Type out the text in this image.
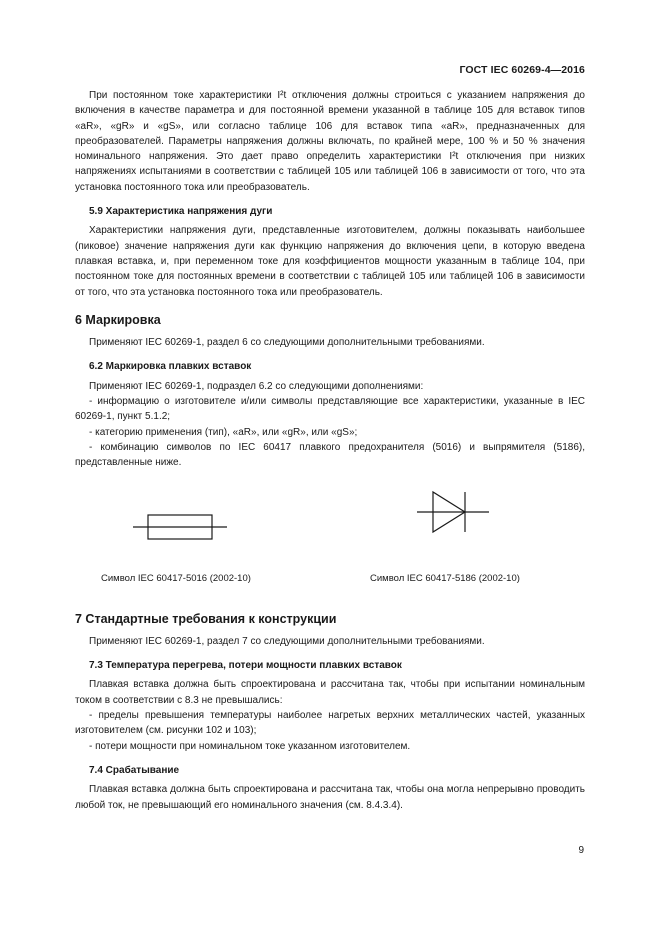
ГОСТ IEC 60269-4—2016

При постоянном токе характеристики I²t отключения должны строиться с указанием напряжения до включения в качестве параметра и для постоянной времени указанной в таблице 105 для вставок типов «aR», «gR» и «gS», или согласно таблице 106 для вставок типа «aR», предназначенных для преобразователей. Параметры напряжения должны включать, по крайней мере, 100 % и 50 % значения номинального напряжения. Это дает право определить характеристики I²t отключения при низких напряжениях испытаниями в соответствии с таблицей 105 или таблицей 106 в зависимости от того, что эта установка постоянного тока или преобразователь.

5.9 Характеристика напряжения дуги

Характеристики напряжения дуги, представленные изготовителем, должны показывать наибольшее (пиковое) значение напряжения дуги как функцию напряжения до включения цепи, в которую введена плавкая вставка, и, при переменном токе для коэффициентов мощности указанным в таблице 104, при постоянном токе для постоянных времени в соответствии с таблицей 105 или таблицей 106 в зависимости от того, что эта установка постоянного тока или преобразователь.

6 Маркировка

Применяют IEC 60269-1, раздел 6 со следующими дополнительными требованиями.

6.2 Маркировка плавких вставок

Применяют IEC 60269-1, подраздел 6.2 со следующими дополнениями:

- информацию о изготовителе и/или символы представляющие все характеристики, указанные в IEC 60269-1, пункт 5.1.2;

- категорию применения (тип), «aR», или «gR», или «gS»;

- комбинацию символов по IEC 60417 плавкого предохранителя (5016) и выпрямителя (5186), представленные ниже.

Символ IEC 60417-5016 (2002-10)	Символ IEC 60417-5186 (2002-10)
7 Стандартные требования к конструкции

Применяют IEC 60269-1, раздел 7 со следующими дополнительными требованиями.

7.3 Температура перегрева, потери мощности плавких вставок

Плавкая вставка должна быть спроектирована и рассчитана так, чтобы при испытании номинальным током в соответствии с 8.3 не превышались:

- пределы превышения температуры наиболее нагретых верхних металлических частей, указанных изготовителем (см. рисунки 102 и 103);

- потери мощности при номинальном токе указанном изготовителем.

7.4 Срабатывание

Плавкая вставка должна быть спроектирована и рассчитана так, чтобы она могла непрерывно проводить любой ток, не превышающий его номинального значения (см. 8.4.3.4).

9
